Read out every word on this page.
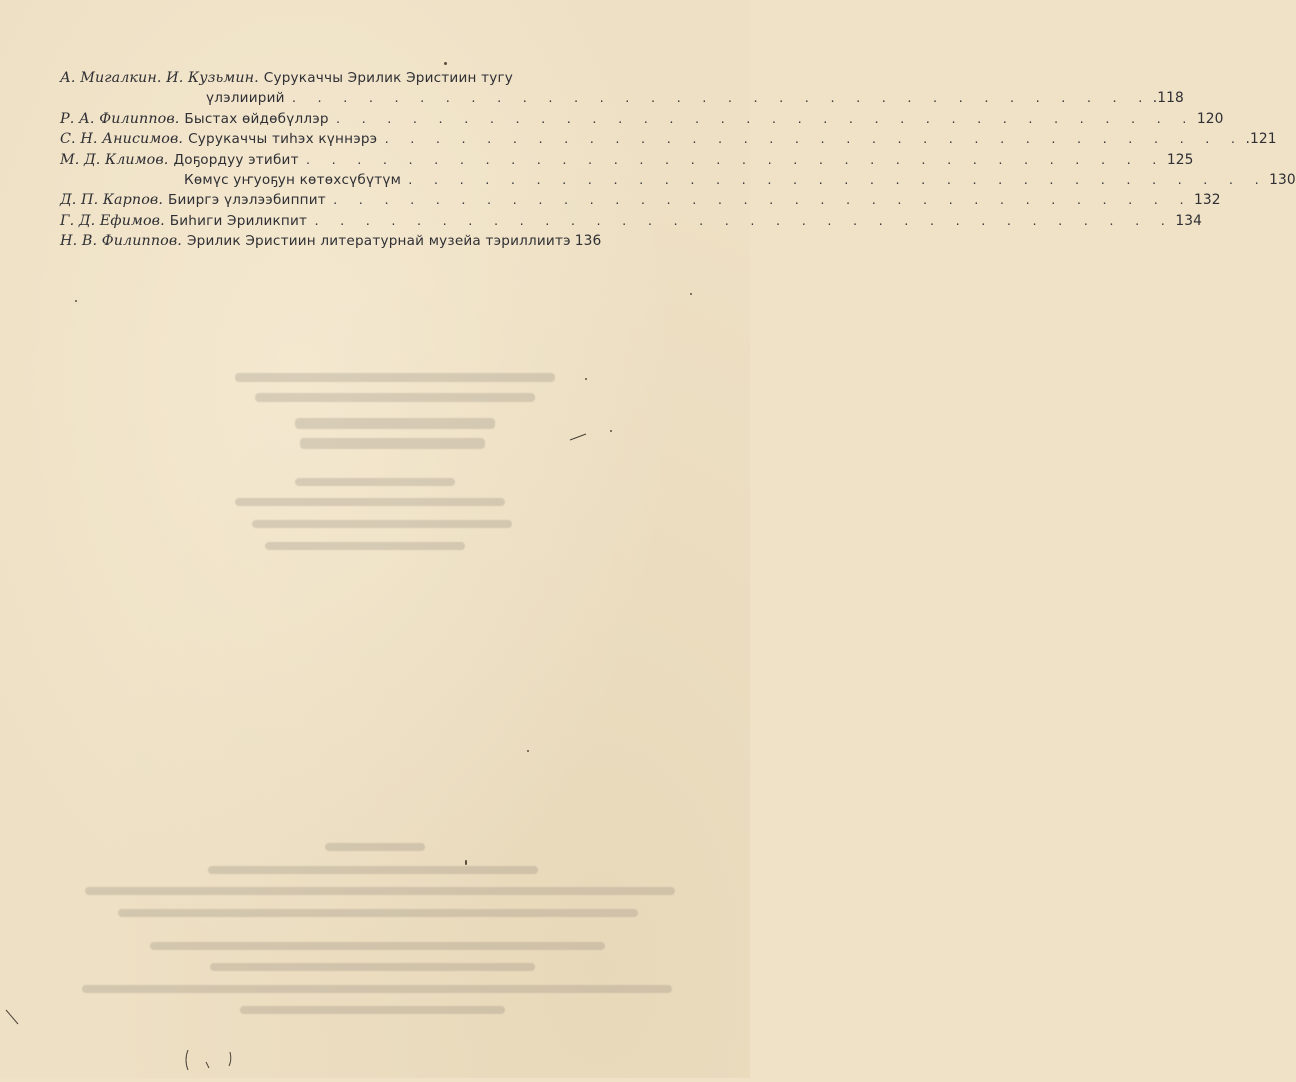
А. Мигалкин. И. Кузьмин. Сурукаччы Эрилик Эристиин тугу
үлэлиирий . . . . . . . . . . . . . . . . . . . . . . . . . . . . . . . . . . .118
Р. А. Филиппов. Быстах өйдөбүллэр . . . . . . . . . . . . . . . . . . . . . . . . . . . . . . . . . . 120
С. Н. Анисимов. Сурукаччы тиһэх күннэрэ . . . . . . . . . . . . . . . . . . . . . . . . . . . . . . . . . . .121
М. Д. Климов. Доҕордуу этибит . . . . . . . . . . . . . . . . . . . . . . . . . . . . . . . . . . 125
Көмүс уҥуоҕун көтөхсүбүтүм . . . . . . . . . . . . . . . . . . . . . . . . . . . . . . . . . . 130
Д. П. Карпов. Бииргэ үлэлээбиппит . . . . . . . . . . . . . . . . . . . . . . . . . . . . . . . . . . 132
Г. Д. Ефимов. Биһиги Эриликпит . . . . . . . . . . . . . . . . . . . . . . . . . . . . . . . . . . 134
Н. В. Филиппов. Эрилик Эристиин литературнай музейа тэриллиитэ 136
